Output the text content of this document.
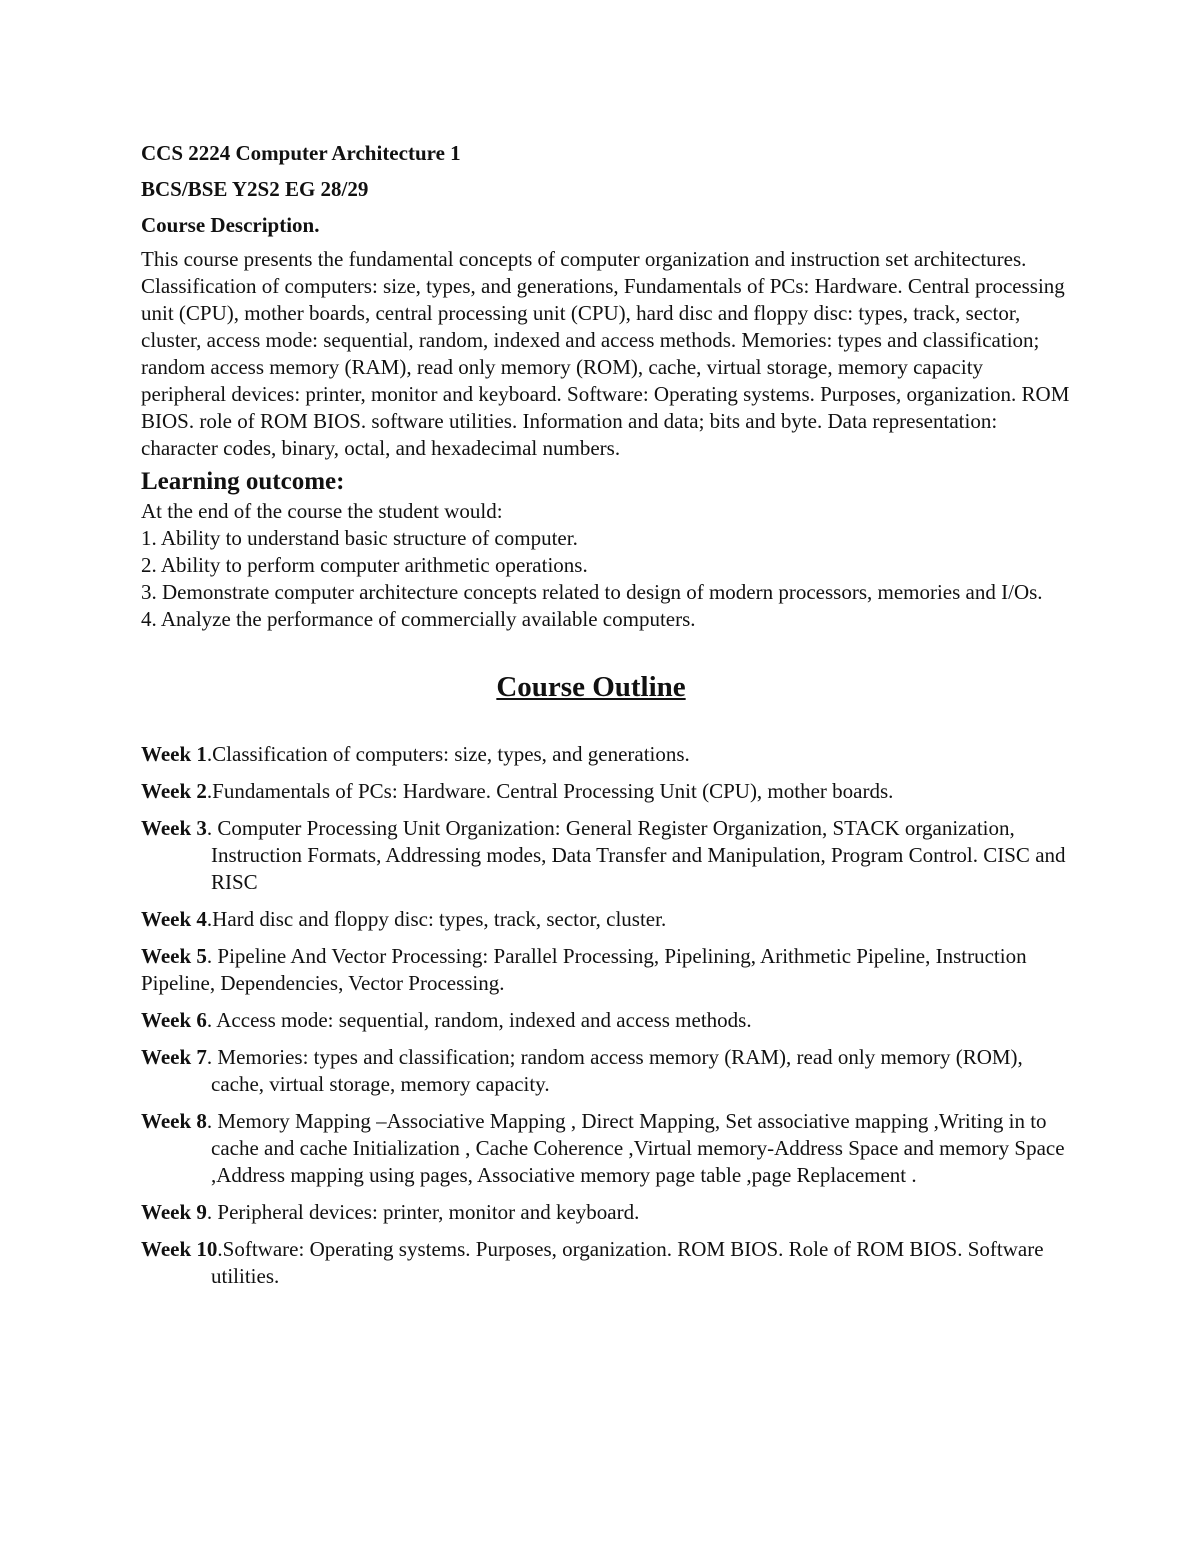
CCS 2224 Computer Architecture 1
BCS/BSE Y2S2 EG 28/29
Course Description.

This course presents the fundamental concepts of computer organization and instruction set architectures.

Classification of computers: size, types, and generations, Fundamentals of PCs: Hardware. Central processing unit (CPU), mother boards, central processing unit (CPU), hard disc and floppy disc: types, track, sector, cluster, access mode: sequential, random, indexed and access methods. Memories: types and classification; random access memory (RAM), read only memory (ROM), cache, virtual storage, memory capacity peripheral devices: printer, monitor and keyboard. Software: Operating systems. Purposes, organization. ROM BIOS. role of ROM BIOS. software utilities. Information and data; bits and byte. Data representation: character codes, binary, octal, and hexadecimal numbers.

Learning outcome:

At the end of the course the student would:

1. Ability to understand basic structure of computer.

2. Ability to perform computer arithmetic operations.

3. Demonstrate computer architecture concepts related to design of modern processors, memories and I/Os.

4. Analyze the performance of commercially available computers.

Course Outline

Week 1.Classification of computers: size, types, and generations.

Week 2.Fundamentals of PCs: Hardware. Central Processing Unit (CPU), mother boards.

Week 3. Computer Processing Unit Organization: General Register Organization, STACK organization, Instruction Formats, Addressing modes, Data Transfer and Manipulation, Program Control. CISC and RISC

Week 4.Hard disc and floppy disc: types, track, sector, cluster.

Week 5. Pipeline And Vector Processing: Parallel Processing, Pipelining, Arithmetic Pipeline, Instruction Pipeline, Dependencies, Vector Processing.

Week 6. Access mode: sequential, random, indexed and access methods.

Week 7. Memories: types and classification; random access memory (RAM), read only memory (ROM), cache, virtual storage, memory capacity.

Week 8. Memory Mapping –Associative Mapping , Direct Mapping, Set associative mapping ,Writing in to cache and cache Initialization , Cache Coherence ,Virtual memory-Address Space and memory Space ,Address mapping using pages, Associative memory page table ,page Replacement .

Week 9. Peripheral devices: printer, monitor and keyboard.

Week 10.Software: Operating systems. Purposes, organization. ROM BIOS. Role of ROM BIOS. Software utilities.
